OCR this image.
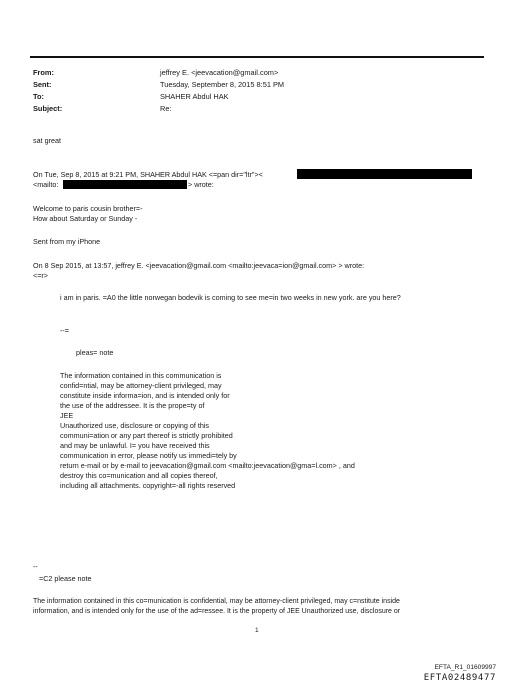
From:	jeffrey E. <jeevacation@gmail.com>
Sent:	Tuesday, September 8, 2015 8:51 PM
To:	SHAHER Abdul HAK
Subject:	Re:
sat great
On Tue, Sep 8, 2015 at 9:21 PM, SHAHER Abdul HAK <=pan dir="ltr"><
<mailto:	> wrote:
Welcome to paris cousin brother=-
How about Saturday or Sunday -
Sent from my iPhone
On 8 Sep 2015, at 13:57, jeffrey E. <jeevacation@gmail.com <mailto:jeevaca=ion@gmail.com> > wrote:
<=r>
i am in paris. =A0 the little norwegan bodevik is coming to see me=in two weeks in new york. are you here?
--=
pleas= note
The information contained in this communication is
confid=ntial, may be attorney-client privileged, may
constitute inside informa=ion, and is intended only for
the use of the addressee. It is the prope=ty of
JEE
Unauthorized use, disclosure or copying of this
communi=ation or any part thereof is strictly prohibited
and may be unlawful. I= you have received this
communication in error, please notify us immedi=tely by
return e-mail or by e-mail to jeevacation@gmail.com <mailto:jeevacation@gma=l.com> , and
destroy this co=munication and all copies thereof,
including all attachments. copyright=-all rights reserved
--
=C2 please note
The information contained in this co=munication is confidential, may be attorney-client privileged, may c=nstitute inside
information, and is intended only for the use of the ad=ressee. It is the property of JEE Unauthorized use, disclosure or
1
EFTA_R1_01609997
EFTA02489477
